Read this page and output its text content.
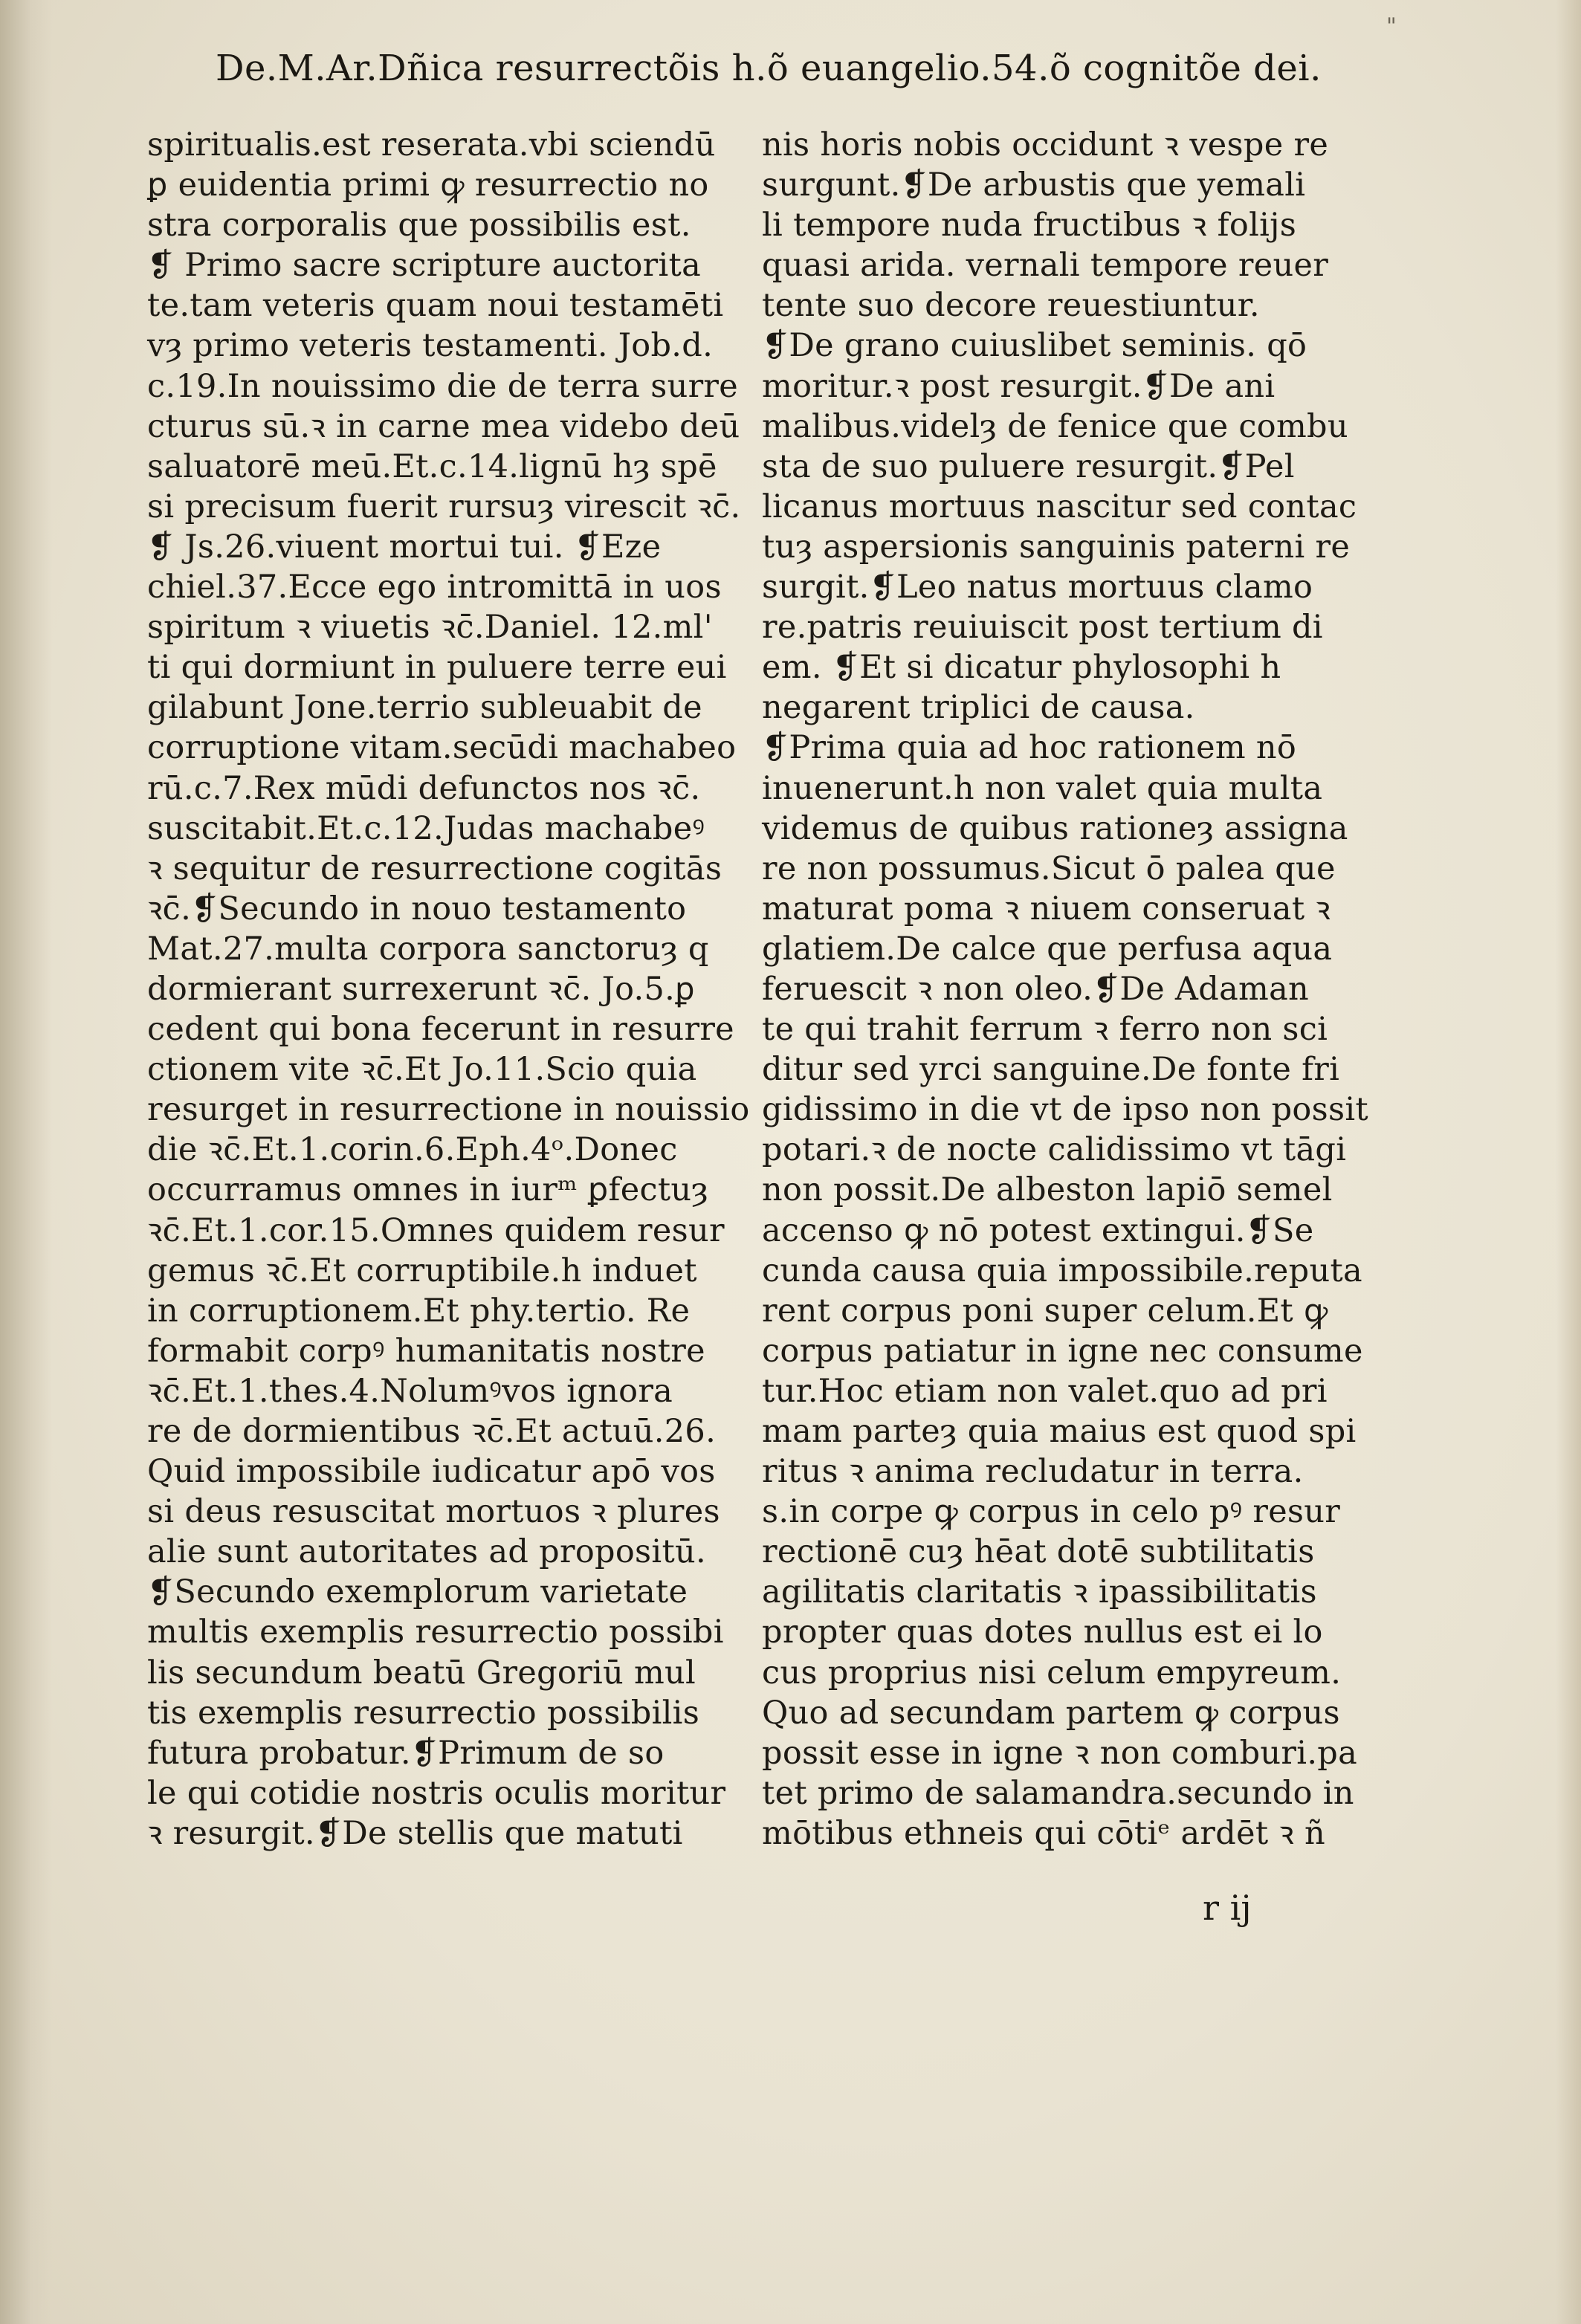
"
De.M.Ar.Dñica resurrectõis h.õ euangelio.54.õ cognitõe dei.
spiritualis.est reserata.vbi sciendū
ꝑ euidentia primi ꝙ resurrectio no
stra corporalis que possibilis est.
❡ Primo sacre scripture auctorita
te.tam veteris quam noui testamēti
vȝ primo veteris testamenti. Job.d.
c.19.In nouissimo die de terra surre
cturus sū.ꝛ in carne mea videbo deū
saluatorē meū.Et.c.14.lignū hȝ spē
si precisum fuerit rursuȝ virescit ꝛc̄.
❡ Js.26.viuent mortui tui. ❡Eze
chiel.37.Ecce ego intromittā in uos
spiritum ꝛ viuetis ꝛc̄.Daniel. 12.ml'
ti qui dormiunt in puluere terre eui
gilabunt Jone.terrio subleuabit de
corruptione vitam.secūdi machabeo
rū.c.7.Rex mūdi defunctos nos ꝛc̄.
suscitabit.Et.c.12.Judas machabeꝰ
ꝛ sequitur de resurrectione cogitās
ꝛc̄.❡Secundo in nouo testamento
Mat.27.multa corpora sanctoruȝ q
dormierant surrexerunt ꝛc̄. Jo.5.ꝑ
cedent qui bona fecerunt in resurre
ctionem vite ꝛc̄.Et Jo.11.Scio quia
resurget in resurrectione in nouissio
die ꝛc̄.Et.1.corin.6.Eph.4ᵒ.Donec
occurramus omnes in iurᵐ ꝑfectuȝ
ꝛc̄.Et.1.cor.15.Omnes quidem resur
gemus ꝛc̄.Et corruptibile.h induet
in corruptionem.Et phy.tertio. Re
formabit corpꝰ humanitatis nostre
ꝛc̄.Et.1.thes.4.Nolumꝰvos ignora
re de dormientibus ꝛc̄.Et actuū.26.
Quid impossibile iudicatur apō vos
si deus resuscitat mortuos ꝛ plures
alie sunt autoritates ad propositū.
❡Secundo exemplorum varietate
multis exemplis resurrectio possibi
lis secundum beatū Gregoriū mul
tis exemplis resurrectio possibilis
futura probatur.❡Primum de so
le qui cotidie nostris oculis moritur
ꝛ resurgit.❡De stellis que matuti
nis horis nobis occidunt ꝛ vespe re
surgunt.❡De arbustis que yemali
li tempore nuda fructibus ꝛ folijs
quasi arida. vernali tempore reuer
tente suo decore reuestiuntur.
❡De grano cuiuslibet seminis. qō
moritur.ꝛ post resurgit.❡De ani
malibus.videlȝ de fenice que combu
sta de suo puluere resurgit.❡Pel
licanus mortuus nascitur sed contac
tuȝ aspersionis sanguinis paterni re
surgit.❡Leo natus mortuus clamo
re.patris reuiuiscit post tertium di
em. ❡Et si dicatur phylosophi h
negarent triplici de causa.
❡Prima quia ad hoc rationem nō
inuenerunt.h non valet quia multa
videmus de quibus rationeȝ assigna
re non possumus.Sicut ō palea que
maturat poma ꝛ niuem conseruat ꝛ
glatiem.De calce que perfusa aqua
feruescit ꝛ non oleo.❡De Adaman
te qui trahit ferrum ꝛ ferro non sci
ditur sed yrci sanguine.De fonte fri
gidissimo in die vt de ipso non possit
potari.ꝛ de nocte calidissimo vt tāgi
non possit.De albeston lapiō semel
accenso ꝙ nō potest extingui.❡Se
cunda causa quia impossibile.reputa
rent corpus poni super celum.Et ꝙ
corpus patiatur in igne nec consume
tur.Hoc etiam non valet.quo ad pri
mam parteȝ quia maius est quod spi
ritus ꝛ anima recludatur in terra.
s.in corpe ꝙ corpus in celo pꝰ resur
rectionē cuȝ hēat dotē subtilitatis
agilitatis claritatis ꝛ ipassibilitatis
propter quas dotes nullus est ei lo
cus proprius nisi celum empyreum.
Quo ad secundam partem ꝙ corpus
possit esse in igne ꝛ non comburi.pa
tet primo de salamandra.secundo in
mōtibus ethneis qui cōtiᵉ ardēt ꝛ ñ
r ij
